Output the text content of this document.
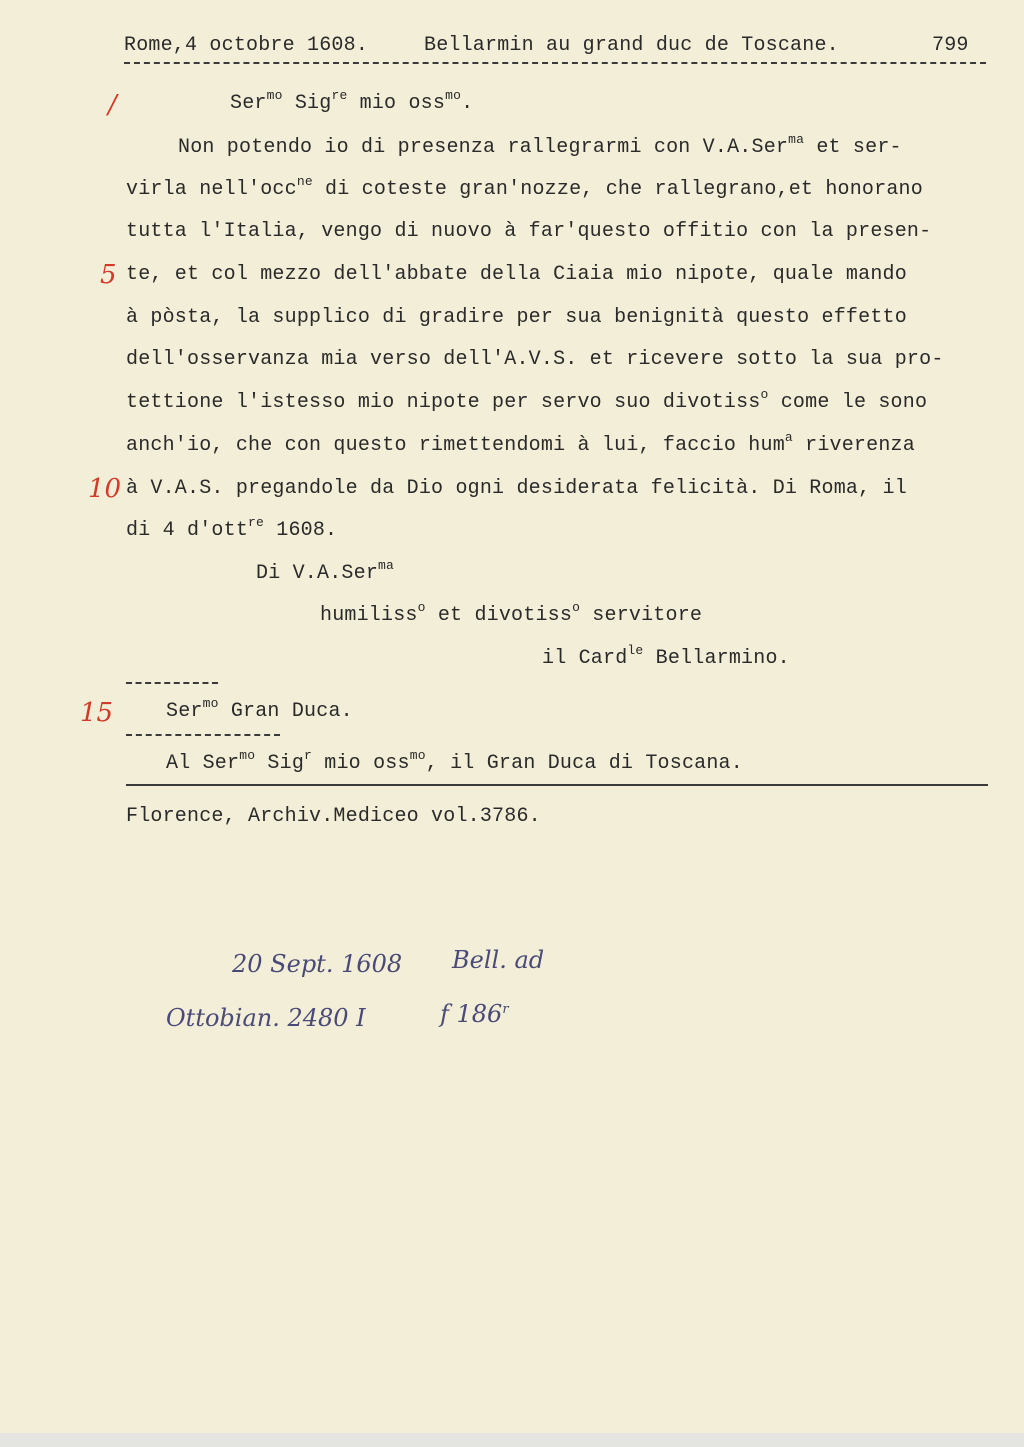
Rome,4 octobre 1608.	Bellarmin au grand duc de Toscane.	799
/
5
10
15
Ser$^{mo}$ Sig$^{re}$ mio oss$^{mo}$.
Non potendo io di presenza rallegrarmi con V.A.Ser$^{ma}$ et ser-
virla nell'occ$^{ne}$ di coteste gran'nozze, che rallegrano,et honorano
tutta l'Italia, vengo di nuovo à far'questo offitio con la presen-
te, et col mezzo dell'abbate della Ciaia mio nipote, quale mando
à pòsta, la supplico di gradire per sua benignità questo effetto
dell'osservanza mia verso dell'A.V.S. et ricevere sotto la sua pro-
tettione l'istesso mio nipote per servo suo divotiss$^o$ come le sono
anch'io, che con questo rimettendomi à lui, faccio hum$^a$ riverenza
à V.A.S. pregandole da Dio ogni desiderata felicità. Di Roma, il
di 4 d'ott$^{re}$ 1608.
Di V.A.Ser$^{ma}$
humiliss$^o$ et divotiss$^o$ servitore
il Card$^{le}$ Bellarmino.
Ser$^{mo}$ Gran Duca.
Al Ser$^{mo}$ Sig$^r$ mio oss$^{mo}$, il Gran Duca di Toscana.
Florence, Archiv.Mediceo vol.3786.
20 Sept. 1608 Bell. ad
Ottobian. 2480 I	f 186$^r$
